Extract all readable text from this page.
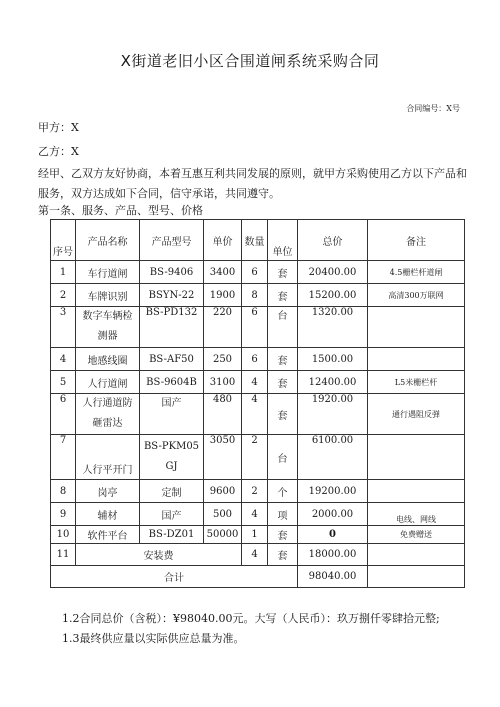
X街道老旧小区合围道闸系统采购合同
合同编号：X号
甲方：X
乙方：X
经甲、乙双方友好协商，本着互惠互利共同发展的原则，就甲方采购使用乙方以下产品和服务，双方达成如下合同，信守承诺，共同遵守。
第一条、服务、产品、型号、价格
序号	产品名称	产品型号	单价	数量	单位	总价	备注
1	车行道闸	BS-9406	3400	6	套	20400.00	4.5栅栏杆道闸
2	车牌识别	BSYN-22	1900	8	套	15200.00	高清300万联网
3	数字车辆检测器	BS-PD132	220	6	台	1320.00	
4	地感线圈	BS-AF50	250	6	套	1500.00	
5	人行道闸	BS-9604B	3100	4	套	12400.00	L5米栅栏杆
6	人行通道防砸雷达	国产	480	4	套	1920.00	通行遇阻反弹
7	人行平开门	BS-PKM05GJ	3050	2	台	6100.00	
8	岗亭	定制	9600	2	个	19200.00	
9	辅材	国产	500	4	项	2000.00	电线、网线
10	软件平台	BS-DZ01	50000	1	套	0	免费赠送
11	安装费			4	套	18000.00	
合计						98040.00	
1.2合同总价（含税）：¥98040.00元。大写（人民币）：玖万捌仟零肆拾元整;
1.3最终供应量以实际供应总量为准。
